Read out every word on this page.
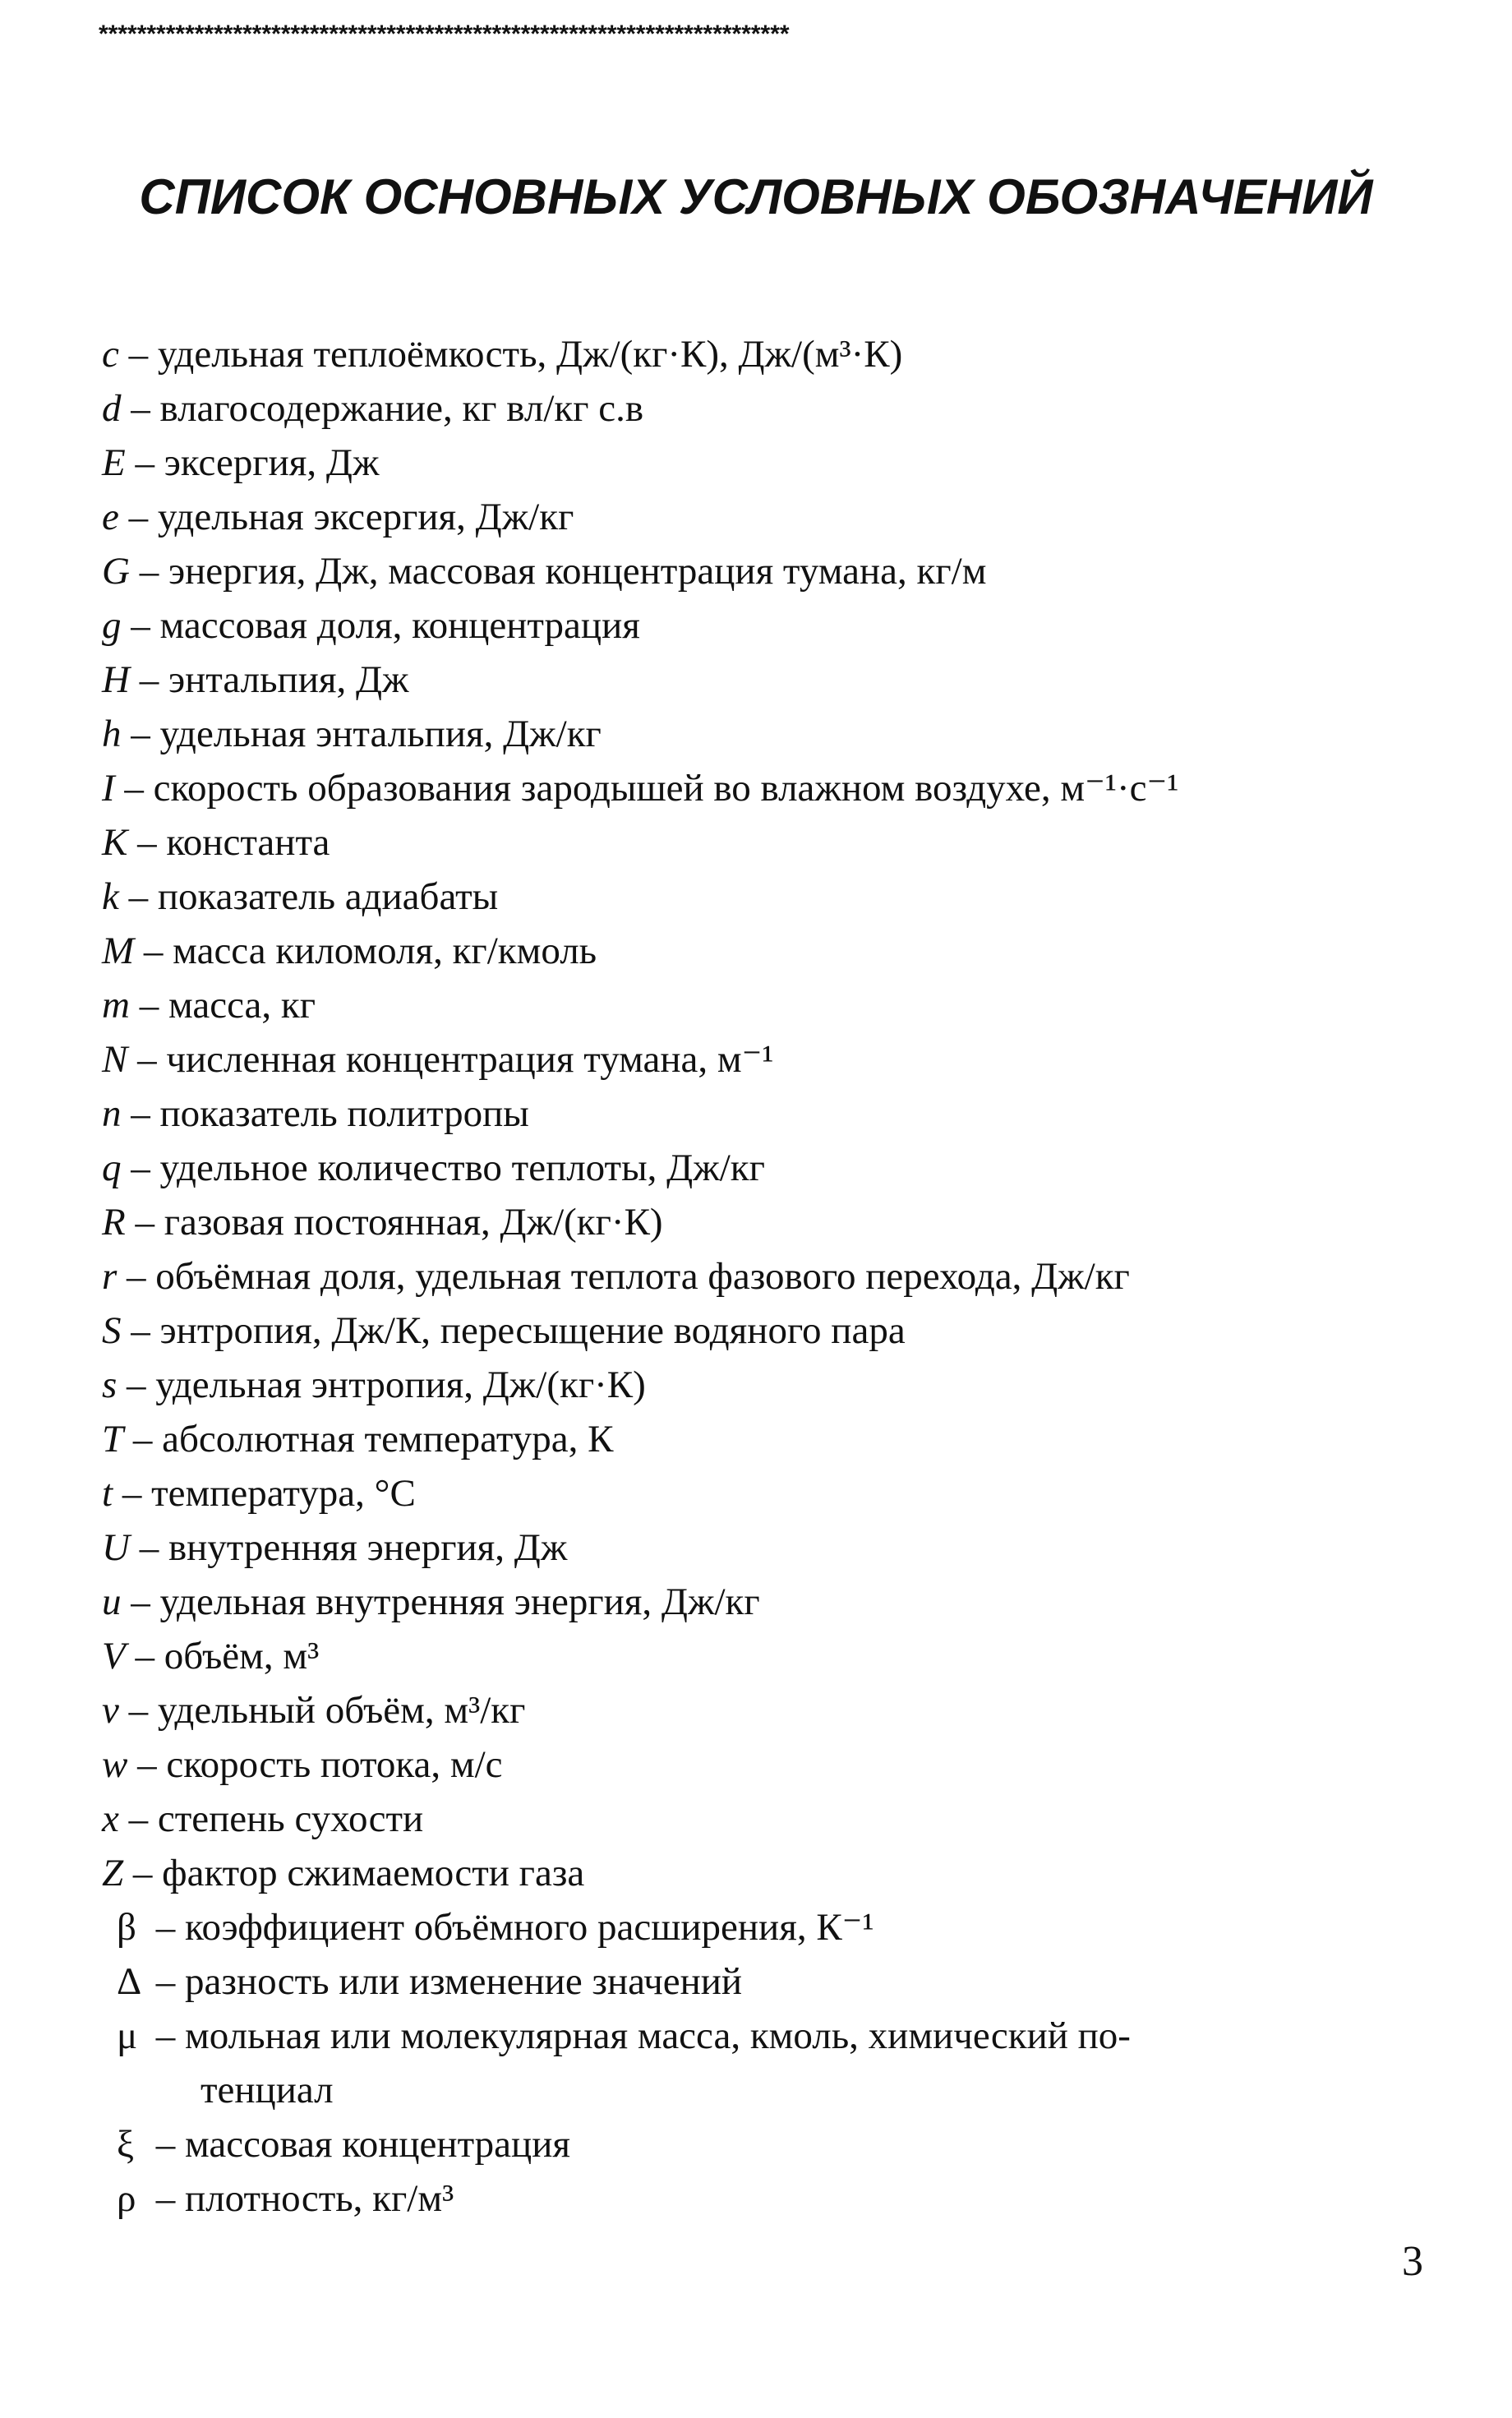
************************************************************************
СПИСОК ОСНОВНЫХ УСЛОВНЫХ ОБОЗНАЧЕНИЙ
c – удельная теплоёмкость, Дж/(кг·К), Дж/(м³·К)
d – влагосодержание, кг вл/кг с.в
E – эксергия, Дж
e – удельная эксергия, Дж/кг
G – энергия, Дж, массовая концентрация тумана, кг/м
g – массовая доля, концентрация
H – энтальпия, Дж
h – удельная энтальпия, Дж/кг
I – скорость образования зародышей во влажном воздухе, м⁻¹·с⁻¹
K – константа
k – показатель адиабаты
M – масса киломоля, кг/кмоль
m – масса, кг
N – численная концентрация тумана, м⁻¹
n – показатель политропы
q – удельное количество теплоты, Дж/кг
R – газовая постоянная, Дж/(кг·К)
r – объёмная доля, удельная теплота фазового перехода, Дж/кг
S – энтропия, Дж/К, пересыщение водяного пара
s – удельная энтропия, Дж/(кг·К)
T – абсолютная температура, К
t – температура, °С
U – внутренняя энергия, Дж
u – удельная внутренняя энергия, Дж/кг
V – объём, м³
v – удельный объём, м³/кг
w – скорость потока, м/с
x – степень сухости
Z – фактор сжимаемости газа
β – коэффициент объёмного расширения, К⁻¹
Δ – разность или изменение значений
μ – мольная или молекулярная масса, кмоль, химический по-
тенциал
ξ – массовая концентрация
ρ – плотность, кг/м³
3
